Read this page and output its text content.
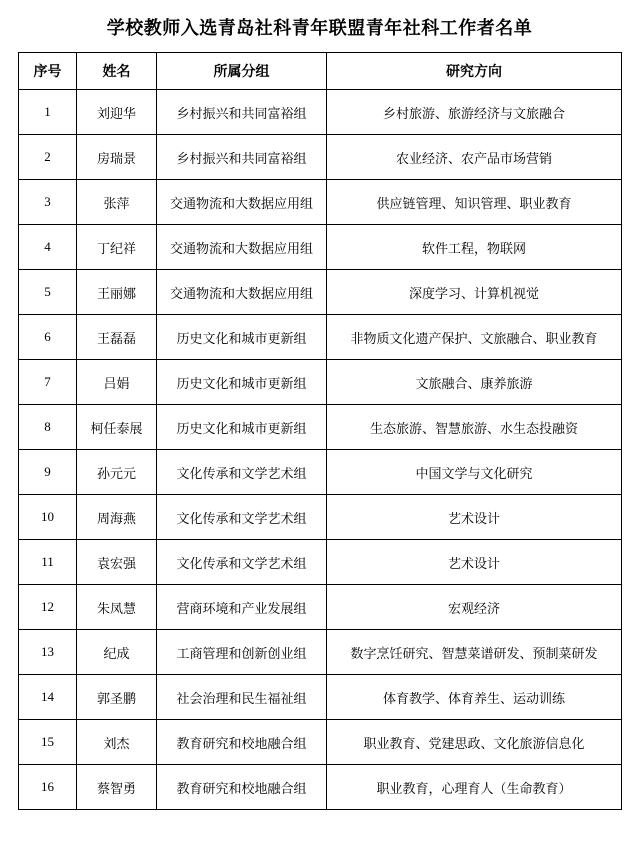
学校教师入选青岛社科青年联盟青年社科工作者名单
序号	姓名	所属分组	研究方向
1	刘迎华	乡村振兴和共同富裕组	乡村旅游、旅游经济与文旅融合
2	房瑞景	乡村振兴和共同富裕组	农业经济、农产品市场营销
3	张萍	交通物流和大数据应用组	供应链管理、知识管理、职业教育
4	丁纪祥	交通物流和大数据应用组	软件工程，物联网
5	王丽娜	交通物流和大数据应用组	深度学习、计算机视觉
6	王磊磊	历史文化和城市更新组	非物质文化遗产保护、文旅融合、职业教育
7	吕娟	历史文化和城市更新组	文旅融合、康养旅游
8	柯任泰展	历史文化和城市更新组	生态旅游、智慧旅游、水生态投融资
9	孙元元	文化传承和文学艺术组	中国文学与文化研究
10	周海燕	文化传承和文学艺术组	艺术设计
11	袁宏强	文化传承和文学艺术组	艺术设计
12	朱凤慧	营商环境和产业发展组	宏观经济
13	纪成	工商管理和创新创业组	数字烹饪研究、智慧菜谱研发、预制菜研发
14	郭圣鹏	社会治理和民生福祉组	体育教学、体育养生、运动训练
15	刘杰	教育研究和校地融合组	职业教育、党建思政、文化旅游信息化
16	蔡智勇	教育研究和校地融合组	职业教育，心理育人（生命教育）
